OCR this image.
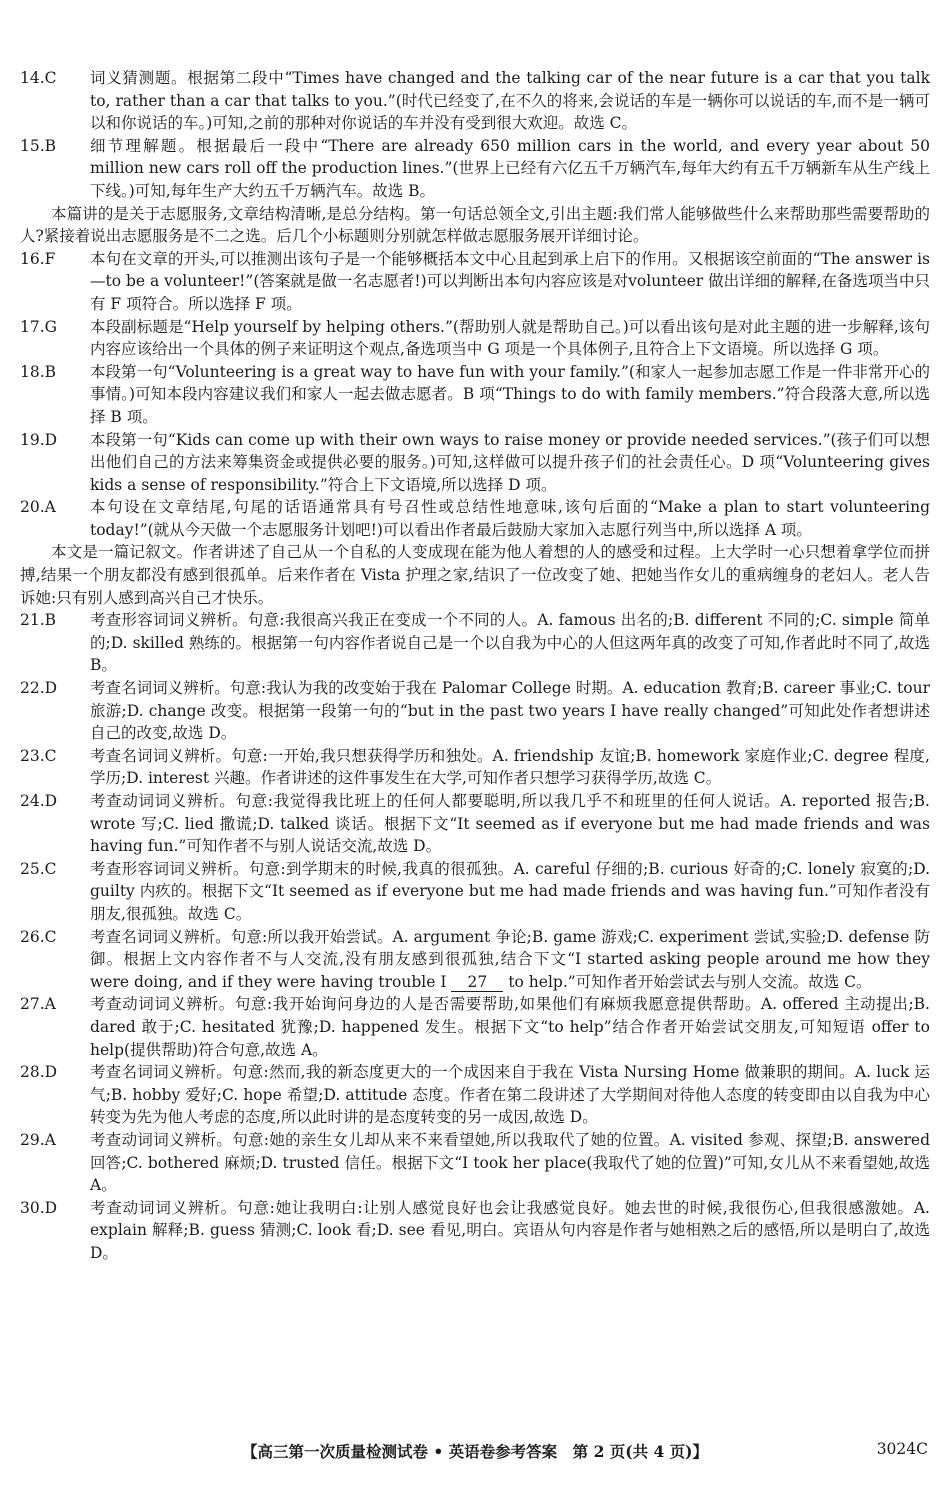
14.C	词义猜测题。根据第二段中“Times have changed and the talking car of the near future is a car that you talk to, rather than a car that talks to you.”(时代已经变了,在不久的将来,会说话的车是一辆你可以说话的车,而不是一辆可以和你说话的车。)可知,之前的那种对你说话的车并没有受到很大欢迎。故选 C。
15.B	细节理解题。根据最后一段中“There are already 650 million cars in the world, and every year about 50 million new cars roll off the production lines.”(世界上已经有六亿五千万辆汽车,每年大约有五千万辆新车从生产线上下线。)可知,每年生产大约五千万辆汽车。故选 B。
本篇讲的是关于志愿服务,文章结构清晰,是总分结构。第一句话总领全文,引出主题:我们常人能够做些什么来帮助那些需要帮助的人?紧接着说出志愿服务是不二之选。后几个小标题则分别就怎样做志愿服务展开详细讨论。
16.F	本句在文章的开头,可以推测出该句子是一个能够概括本文中心且起到承上启下的作用。又根据该空前面的“The answer is—to be a volunteer!”(答案就是做一名志愿者!)可以判断出本句内容应该是对volunteer 做出详细的解释,在备选项当中只有 F 项符合。所以选择 F 项。
17.G	本段副标题是“Help yourself by helping others.”(帮助别人就是帮助自己。)可以看出该句是对此主题的进一步解释,该句内容应该给出一个具体的例子来证明这个观点,备选项当中 G 项是一个具体例子,且符合上下文语境。所以选择 G 项。
18.B	本段第一句“Volunteering is a great way to have fun with your family.”(和家人一起参加志愿工作是一件非常开心的事情。)可知本段内容建议我们和家人一起去做志愿者。B 项“Things to do with family members.”符合段落大意,所以选择 B 项。
19.D	本段第一句“Kids can come up with their own ways to raise money or provide needed services.”(孩子们可以想出他们自己的方法来筹集资金或提供必要的服务。)可知,这样做可以提升孩子们的社会责任心。D 项“Volunteering gives kids a sense of responsibility.”符合上下文语境,所以选择 D 项。
20.A	本句设在文章结尾,句尾的话语通常具有号召性或总结性地意味,该句后面的“Make a plan to start volunteering today!”(就从今天做一个志愿服务计划吧!)可以看出作者最后鼓励大家加入志愿行列当中,所以选择 A 项。
本文是一篇记叙文。作者讲述了自己从一个自私的人变成现在能为他人着想的人的感受和过程。上大学时一心只想着拿学位而拼搏,结果一个朋友都没有感到很孤单。后来作者在 Vista 护理之家,结识了一位改变了她、把她当作女儿的重病缠身的老妇人。老人告诉她:只有别人感到高兴自己才快乐。
21.B	考查形容词词义辨析。句意:我很高兴我正在变成一个不同的人。A. famous 出名的;B. different 不同的;C. simple 简单的;D. skilled 熟练的。根据第一句内容作者说自己是一个以自我为中心的人但这两年真的改变了可知,作者此时不同了,故选 B。
22.D	考查名词词义辨析。句意:我认为我的改变始于我在 Palomar College 时期。A. education 教育;B. career 事业;C. tour 旅游;D. change 改变。根据第一段第一句的“but in the past two years I have really changed”可知此处作者想讲述自己的改变,故选 D。
23.C	考查名词词义辨析。句意:一开始,我只想获得学历和独处。A. friendship 友谊;B. homework 家庭作业;C. degree 程度,学历;D. interest 兴趣。作者讲述的这件事发生在大学,可知作者只想学习获得学历,故选 C。
24.D	考查动词词义辨析。句意:我觉得我比班上的任何人都要聪明,所以我几乎不和班里的任何人说话。A. reported 报告;B. wrote 写;C. lied 撒谎;D. talked 谈话。根据下文“It seemed as if everyone but me had made friends and was having fun.”可知作者不与别人说话交流,故选 D。
25.C	考查形容词词义辨析。句意:到学期末的时候,我真的很孤独。A. careful 仔细的;B. curious 好奇的;C. lonely 寂寞的;D. guilty 内疚的。根据下文“It seemed as if everyone but me had made friends and was having fun.”可知作者没有朋友,很孤独。故选 C。
26.C	考查名词词义辨析。句意:所以我开始尝试。A. argument 争论;B. game 游戏;C. experiment 尝试,实验;D. defense 防御。根据上文内容作者不与人交流,没有朋友感到很孤独,结合下文“I started asking people around me how they were doing, and if they were having trouble I 27 to help.”可知作者开始尝试去与别人交流。故选 C。
27.A	考查动词词义辨析。句意:我开始询问身边的人是否需要帮助,如果他们有麻烦我愿意提供帮助。A. offered 主动提出;B. dared 敢于;C. hesitated 犹豫;D. happened 发生。根据下文“to help”结合作者开始尝试交朋友,可知短语 offer to help(提供帮助)符合句意,故选 A。
28.D	考查名词词义辨析。句意:然而,我的新态度更大的一个成因来自于我在 Vista Nursing Home 做兼职的期间。A. luck 运气;B. hobby 爱好;C. hope 希望;D. attitude 态度。作者在第二段讲述了大学期间对待他人态度的转变即由以自我为中心转变为先为他人考虑的态度,所以此时讲的是态度转变的另一成因,故选 D。
29.A	考查动词词义辨析。句意:她的亲生女儿却从来不来看望她,所以我取代了她的位置。A. visited 参观、探望;B. answered 回答;C. bothered 麻烦;D. trusted 信任。根据下文“I took her place(我取代了她的位置)”可知,女儿从不来看望她,故选 A。
30.D	考查动词词义辨析。句意:她让我明白:让别人感觉良好也会让我感觉良好。她去世的时候,我很伤心,但我很感激她。A. explain 解释;B. guess 猜测;C. look 看;D. see 看见,明白。宾语从句内容是作者与她相熟之后的感悟,所以是明白了,故选 D。
【高三第一次质量检测试卷 • 英语卷参考答案　第 2 页(共 4 页)】	3024C
